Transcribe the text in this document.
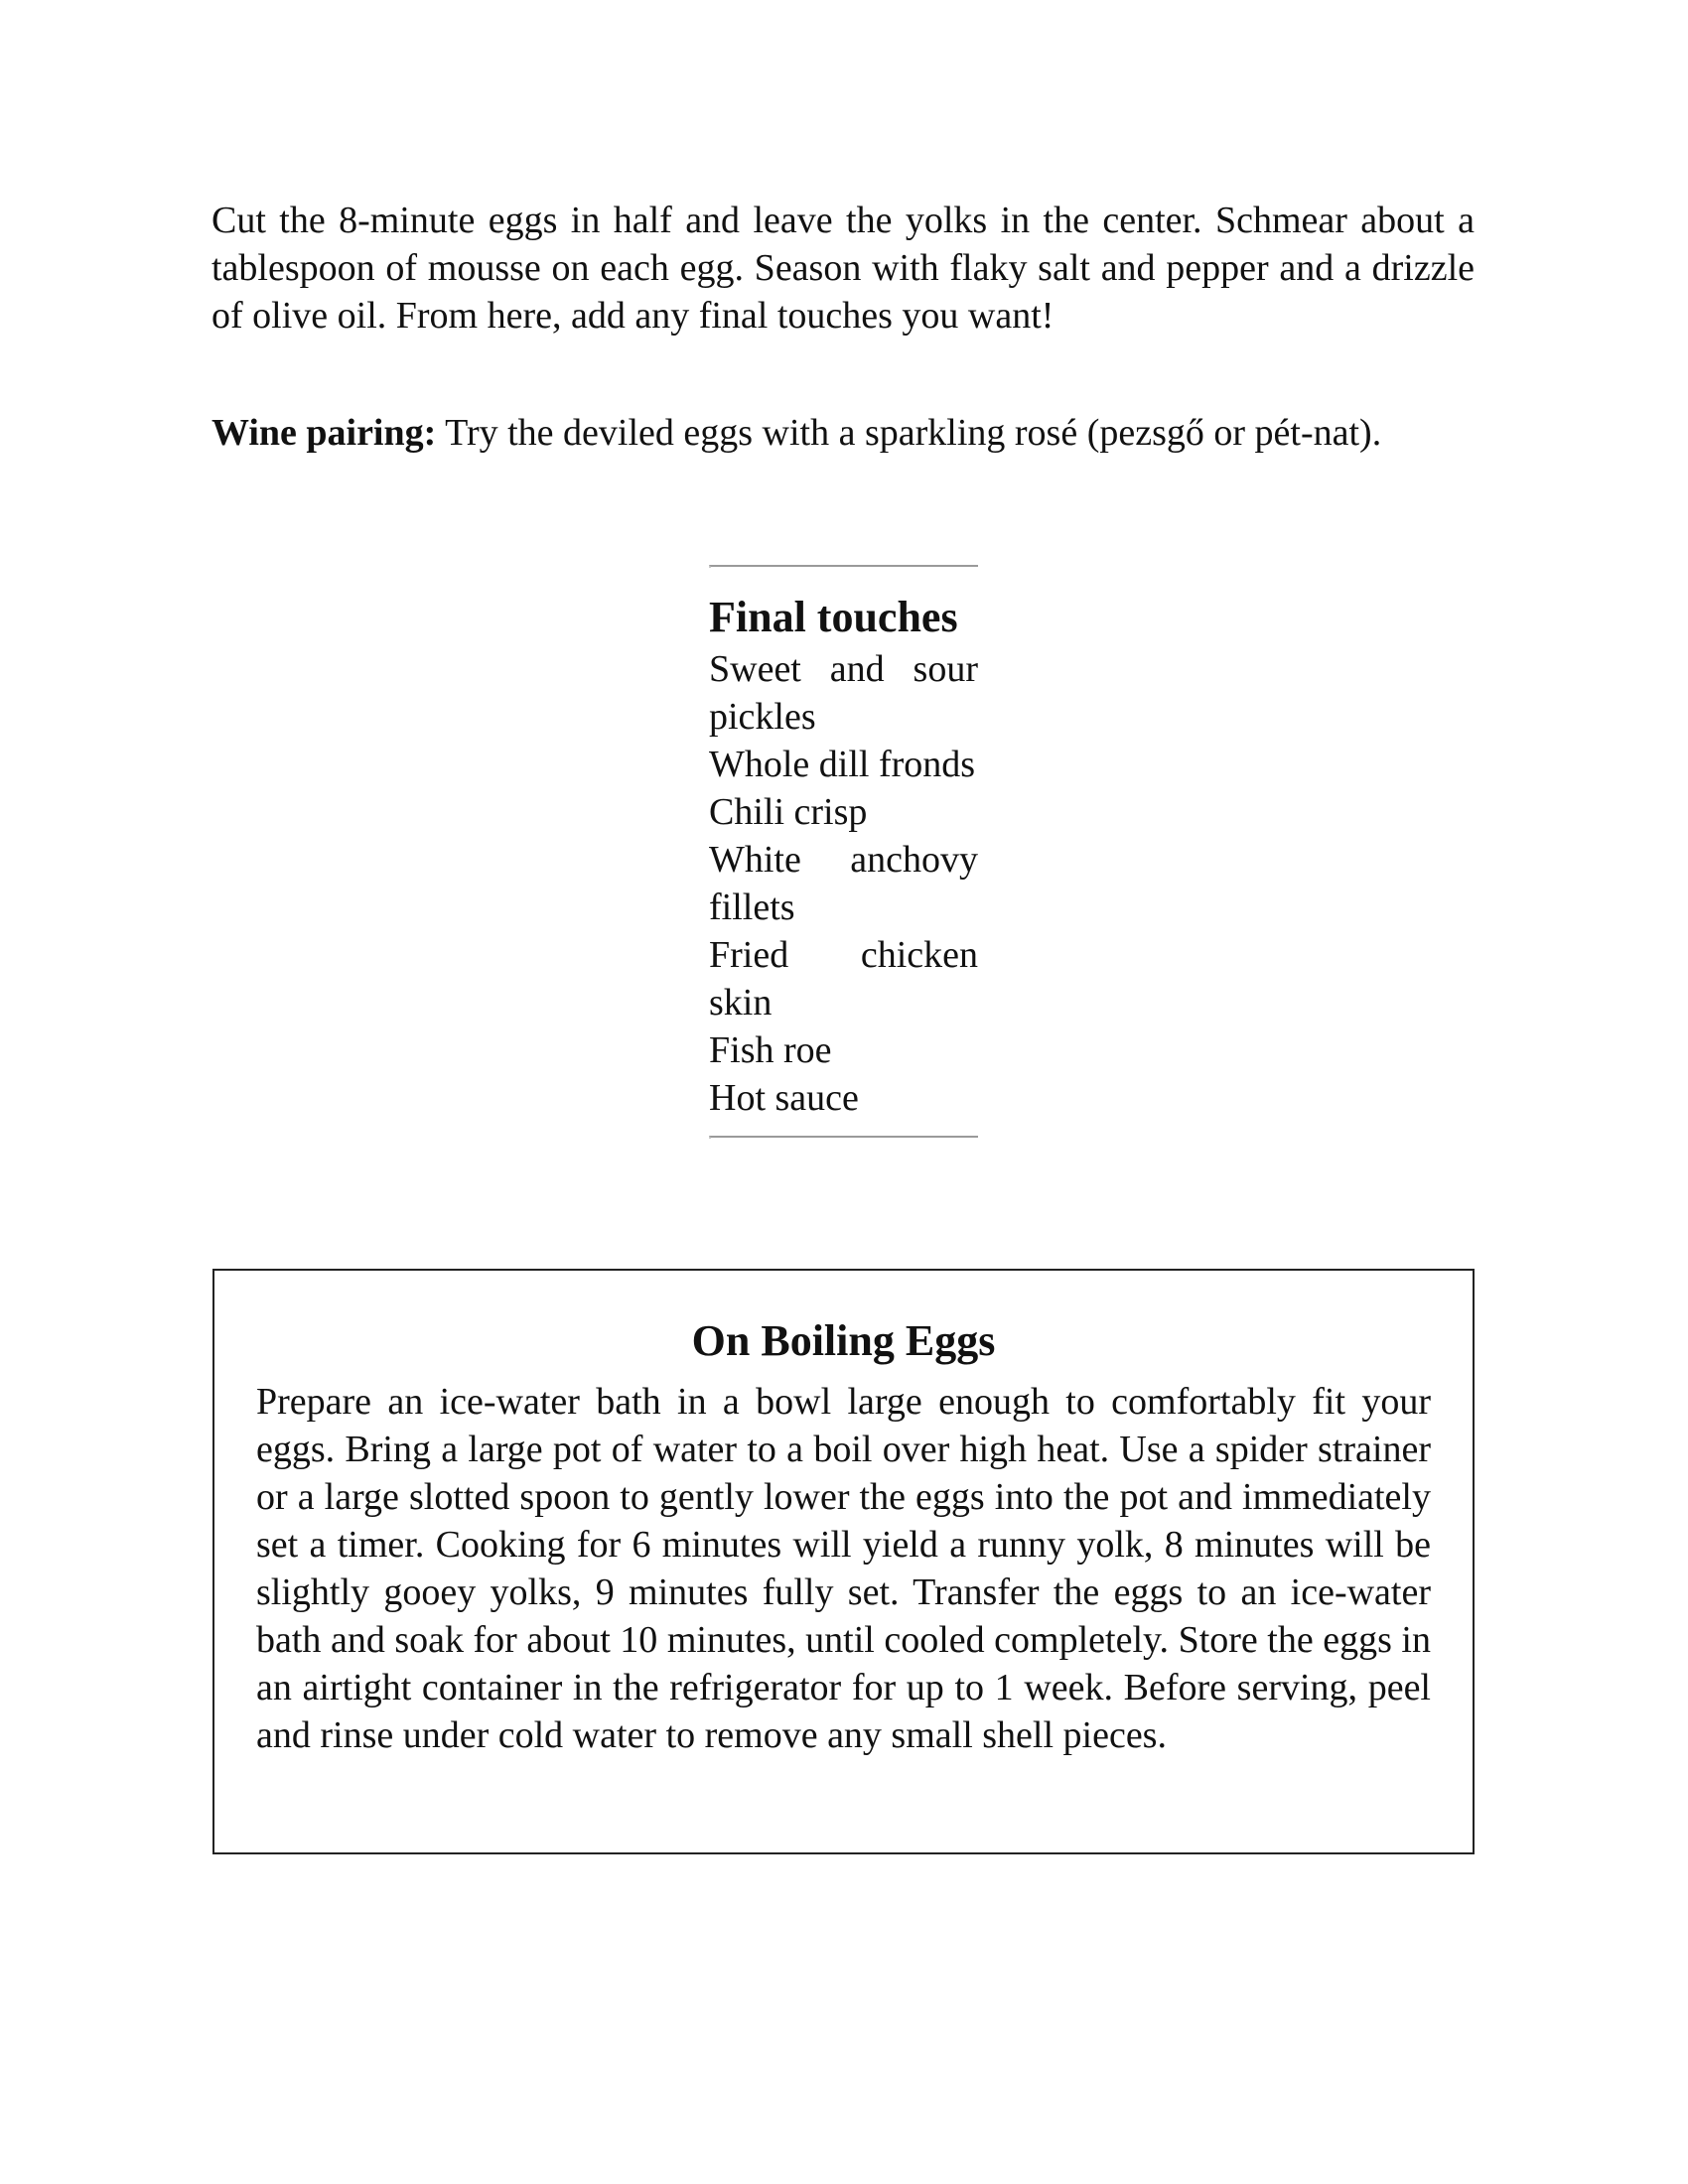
Cut the 8-minute eggs in half and leave the yolks in the center. Schmear about a tablespoon of mousse on each egg. Season with flaky salt and pepper and a drizzle of olive oil. From here, add any final touches you want!

Wine pairing: Try the deviled eggs with a sparkling rosé (pezsgő or pét-nat).

Final touches
Sweet and sour pickles
Whole dill fronds
Chili crisp
White anchovy fillets
Fried chicken skin
Fish roe
Hot sauce
On Boiling Eggs

Prepare an ice-water bath in a bowl large enough to comfortably fit your eggs. Bring a large pot of water to a boil over high heat. Use a spider strainer or a large slotted spoon to gently lower the eggs into the pot and immediately set a timer. Cooking for 6 minutes will yield a runny yolk, 8 minutes will be slightly gooey yolks, 9 minutes fully set. Transfer the eggs to an ice-water bath and soak for about 10 minutes, until cooled completely. Store the eggs in an airtight container in the refrigerator for up to 1 week. Before serving, peel and rinse under cold water to remove any small shell pieces.
